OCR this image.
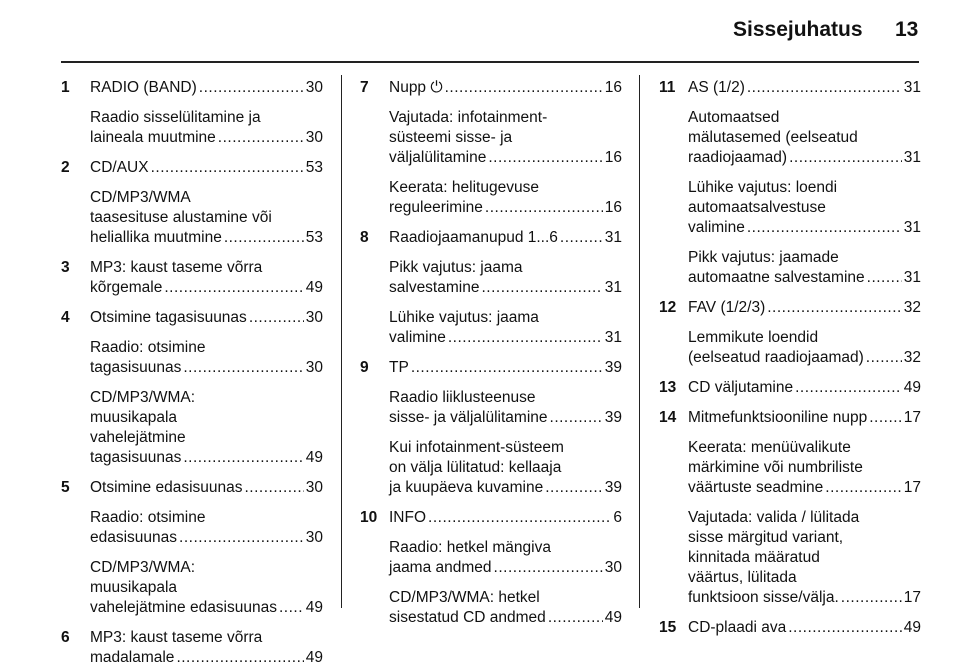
Sissejuhatus 13
1 RADIO (BAND) .....	30
Raadio sisselülitamine ja
laineala muutmine .....	30
2 CD/AUX .....	53
CD/MP3/WMA
taasesituse alustamine või
heliallika muutmine .....	53
3 MP3: kaust taseme võrra
kõrgemale .....	49
4 Otsimine tagasisuunas .....	30
Raadio: otsimine
tagasisuunas .....	30
CD/MP3/WMA:
muusikapala
vahelejätmine
tagasisuunas .....	49
5 Otsimine edasisuunas .....	30
Raadio: otsimine
edasisuunas .....	30
CD/MP3/WMA:
muusikapala
vahelejätmine edasisuunas ..... 49
6 MP3: kaust taseme võrra
madalamale .....	49
7 Nupp ⏻ .....	16
Vajutada: infotainment-
süsteemi sisse- ja
väljalülitamine .....	16
Keerata: helitugevuse
reguleerimine .....	16
8 Raadiojaamanupud 1...6 .....	31
Pikk vajutus: jaama
salvestamine .....	31
Lühike vajutus: jaama
valimine .....	31
9 TP .....	39
Raadio liiklusteenuse
sisse- ja väljalülitamine .....	39
Kui infotainment-süsteem
on välja lülitatud: kellaaja
ja kuupäeva kuvamine .....	39
10 INFO .....	6
Raadio: hetkel mängiva
jaama andmed .....	30
CD/MP3/WMA: hetkel
sisestatud CD andmed .....	49
11 AS (1/2) .....	31
Automaatsed
mälutasemed (eelseatud
raadiojaamad) .....	31
Lühike vajutus: loendi
automaatsalvestuse
valimine .....	31
Pikk vajutus: jaamade
automaatne salvestamine .....	31
12 FAV (1/2/3) .....	32
Lemmikute loendid
(eelseatud raadiojaamad) .....	32
13 CD väljutamine .....	49
14 Mitmefunktsiooniline nupp ..... 17
Keerata: menüüvalikute
märkimine või numbriliste
väärtuste seadmine .....	17
Vajutada: valida / lülitada
sisse märgitud variant,
kinnitada määratud
väärtus, lülitada
funktsioon sisse/välja. .....	17
15 CD-plaadi ava .....	49
